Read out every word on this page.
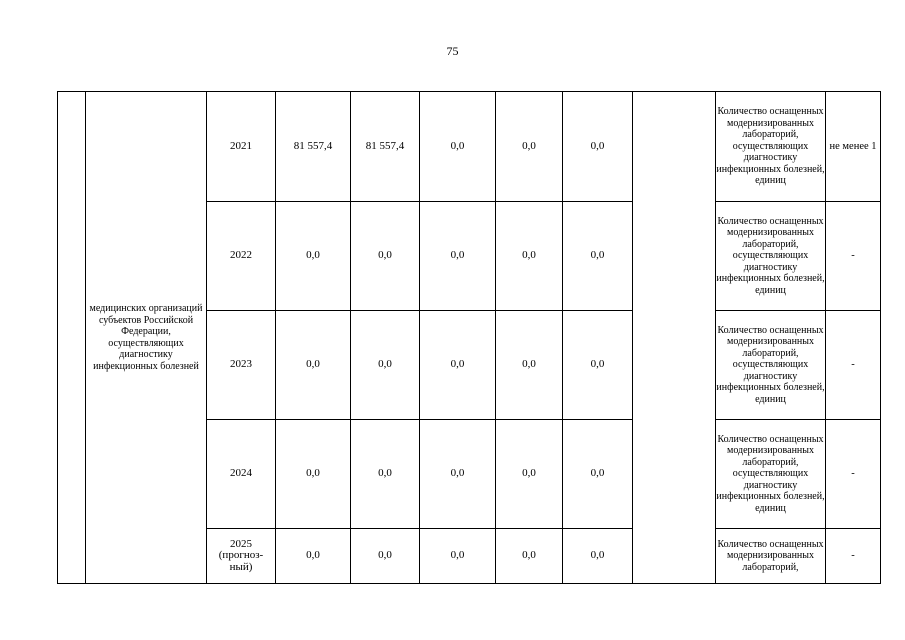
75

	медицинских организаций субъектов Российской Федерации, осуществляющих диагностику инфекционных болезней	2021	81 557,4	81 557,4	0,0	0,0	0,0		Количество оснащенных модернизированных лабораторий, осуществляющих диагностику инфекционных болезней, единиц	не менее 1
		2022	0,0	0,0	0,0	0,0	0,0		Количество оснащенных модернизированных лабораторий, осуществляющих диагностику инфекционных болезней, единиц	-
		2023	0,0	0,0	0,0	0,0	0,0		Количество оснащенных модернизированных лабораторий, осуществляющих диагностику инфекционных болезней, единиц	-
		2024	0,0	0,0	0,0	0,0	0,0		Количество оснащенных модернизированных лабораторий, осуществляющих диагностику инфекционных болезней, единиц	-
		2025 (прогноз- ный)	0,0	0,0	0,0	0,0	0,0		Количество оснащенных модернизированных лабораторий,	-
